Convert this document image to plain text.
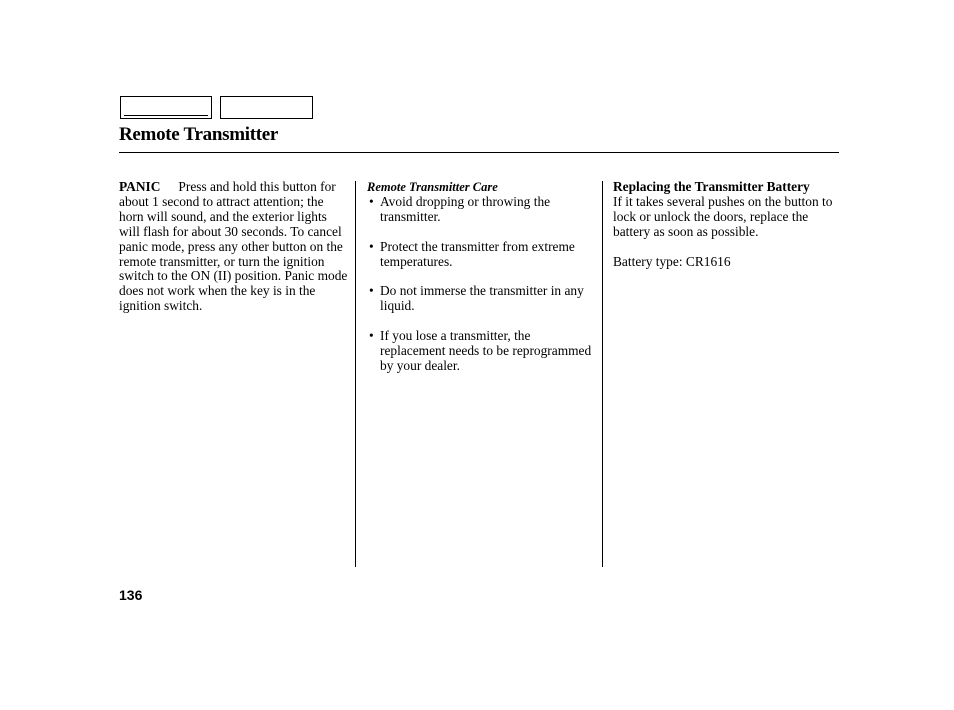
Remote Transmitter

PANIC Press and hold this button for about 1 second to attract attention; the horn will sound, and the exterior lights will flash for about 30 seconds. To cancel panic mode, press any other button on the remote transmitter, or turn the ignition switch to the ON (II) position. Panic mode does not work when the key is in the ignition switch.

Remote Transmitter Care
• Avoid dropping or throwing the transmitter.
• Protect the transmitter from extreme temperatures.
• Do not immerse the transmitter in any liquid.
• If you lose a transmitter, the replacement needs to be reprogrammed by your dealer.
Replacing the Transmitter Battery

If it takes several pushes on the button to lock or unlock the doors, replace the battery as soon as possible.

Battery type: CR1616

136
